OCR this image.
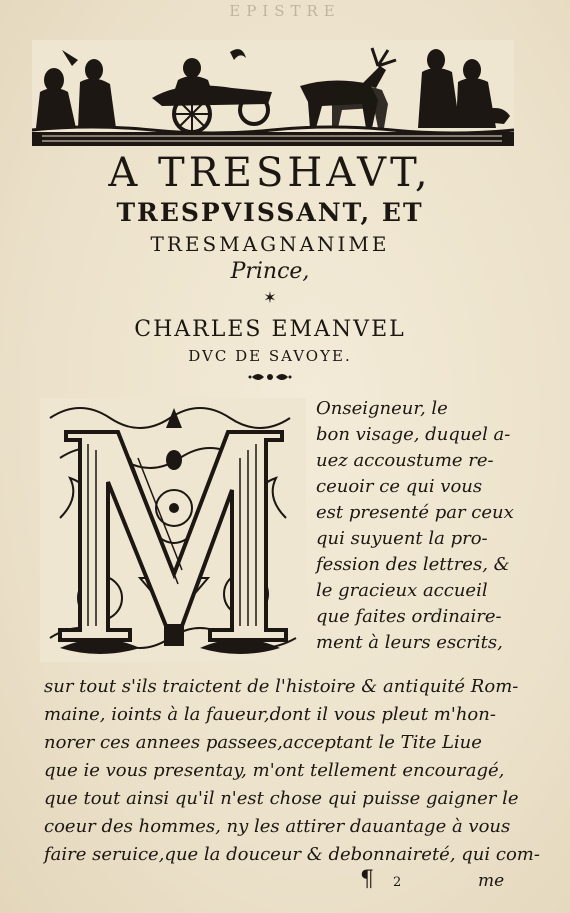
EPISTRE
A TRESHAVT,
TRESPVISSANT, ET
TRESMAGNANIME
Prince,
✶
CHARLES EMANVEL
DVC DE SAVOYE.
Onseigneur, le
bon visage, duquel a-
uez accoustume re-
ceuoir ce qui vous
est presenté par ceux
qui suyuent la pro-
fession des lettres, &
le gracieux accueil
que faites ordinaire-
ment à leurs escrits,
sur tout s'ils traictent de l'histoire & antiquité Rom-
maine, ioints à la faueur,dont il vous pleut m'hon-
norer ces annees passees,acceptant le Tite Liue
que ie vous presentay, m'ont tellement encouragé,
que tout ainsi qu'il n'est chose qui puisse gaigner le
coeur des hommes, ny les attirer dauantage à vous
faire seruice,que la douceur & debonnaireté, qui com-
¶ 2	me
